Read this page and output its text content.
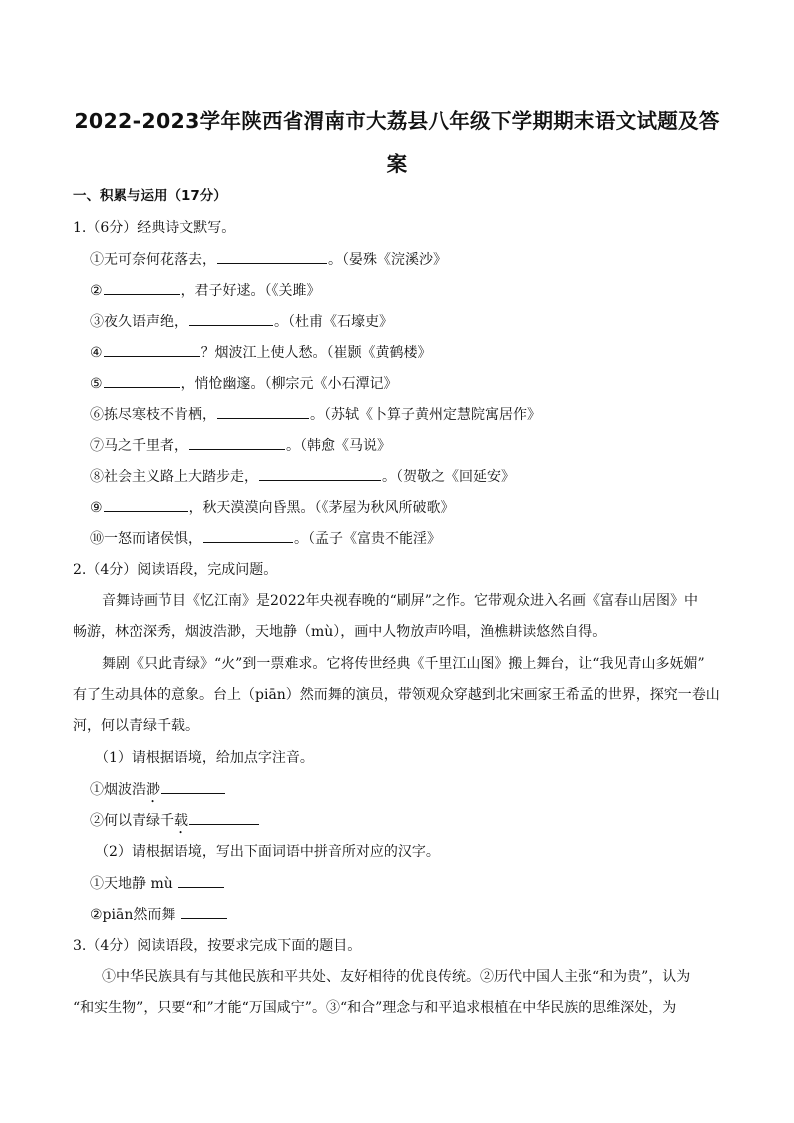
2022-2023学年陕西省渭南市大荔县八年级下学期期末语文试题及答
案
一、积累与运用（17分）
1.（6分）经典诗文默写。
①无可奈何花落去，	。（晏殊《浣溪沙》
②	，君子好逑。（《关雎》
③夜久语声绝，	。（杜甫《石壕吏》
④	？烟波江上使人愁。（崔颢《黄鹤楼》
⑤	，悄怆幽邃。（柳宗元《小石潭记》
⑥拣尽寒枝不肯栖，	。（苏轼《卜算子黄州定慧院寓居作》
⑦马之千里者，	。（韩愈《马说》
⑧社会主义路上大踏步走，	。（贺敬之《回延安》
⑨	，秋天漠漠向昏黑。（《茅屋为秋风所破歌》
⑩一怒而诸侯惧，	。（孟子《富贵不能淫》
2.（4分）阅读语段，完成问题。
音舞诗画节目《忆江南》是2022年央视春晚的“刷屏”之作。它带观众进入名画《富春山居图》中
畅游，林峦深秀，烟波浩渺，天地静（mù），画中人物放声吟唱，渔樵耕读悠然自得。
舞剧《只此青绿》“火”到一票难求。它将传世经典《千里江山图》搬上舞台，让“我见青山多妩媚”
有了生动具体的意象。台上（piān）然而舞的演员，带领观众穿越到北宋画家王希孟的世界，探究一卷山
河，何以青绿千载。
（1）请根据语境，给加点字注音。
①烟波浩渺
②何以青绿千载
（2）请根据语境，写出下面词语中拼音所对应的汉字。
①天地静 mù
②piān然而舞
3.（4分）阅读语段，按要求完成下面的题目。
①中华民族具有与其他民族和平共处、友好相待的优良传统。②历代中国人主张“和为贵”，认为
“和实生物”，只要“和”才能“万国咸宁”。③“和合”理念与和平追求根植在中华民族的思维深处，为
